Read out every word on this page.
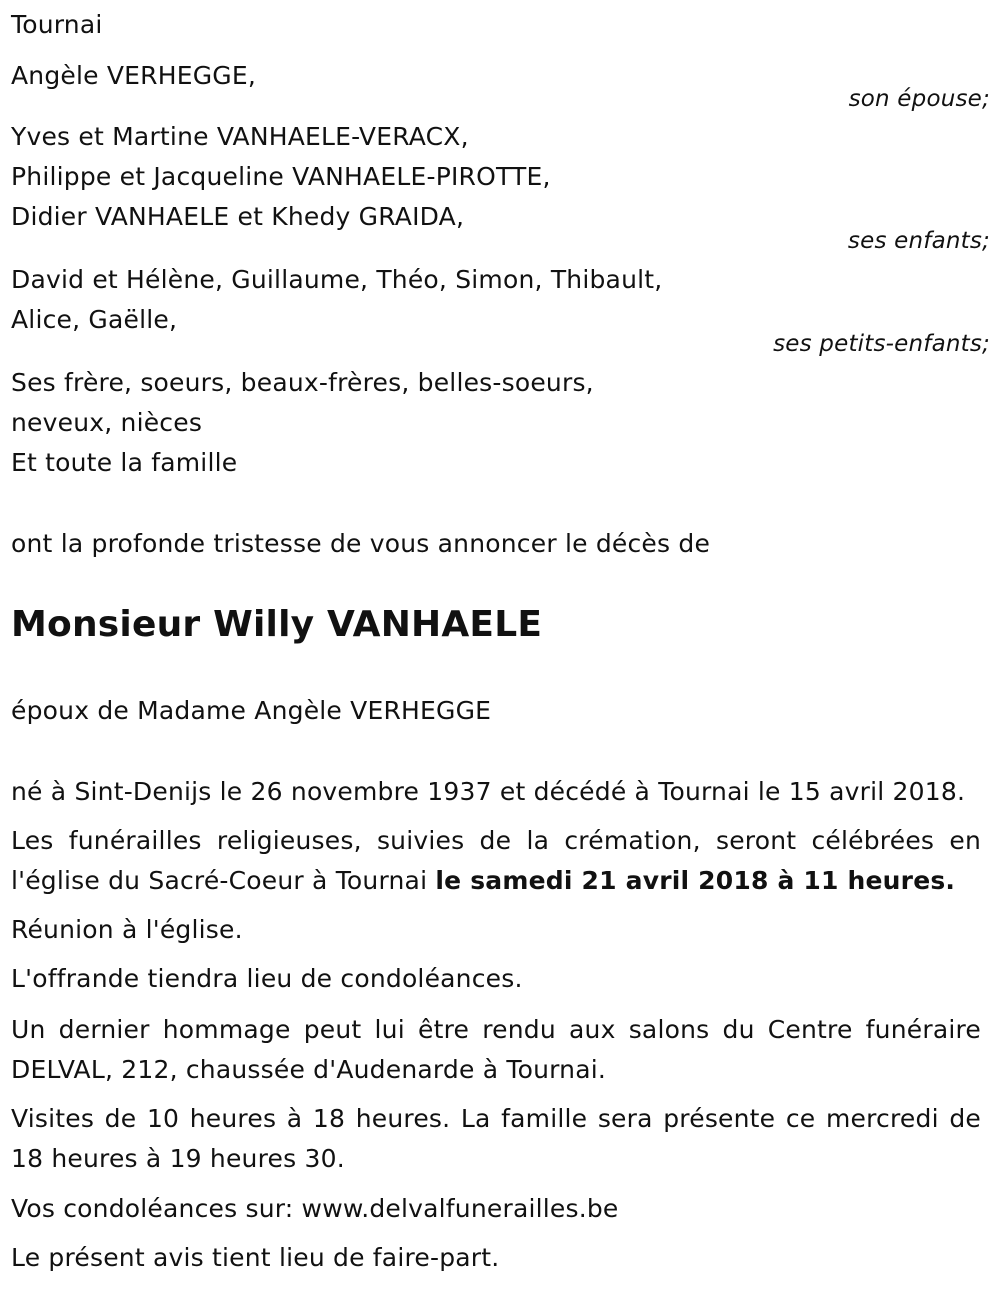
Tournai
Angèle VERHEGGE,
son épouse;
Yves et Martine VANHAELE-VERACX,
Philippe et Jacqueline VANHAELE-PIROTTE,
Didier VANHAELE et Khedy GRAIDA,
ses enfants;
David et Hélène, Guillaume, Théo, Simon, Thibault,
Alice, Gaëlle,
ses petits-enfants;
Ses frère, soeurs, beaux-frères, belles-soeurs,
neveux, nièces
Et toute la famille
ont la profonde tristesse de vous annoncer le décès de
Monsieur Willy VANHAELE
époux de Madame Angèle VERHEGGE
né à Sint-Denijs le 26 novembre 1937 et décédé à Tournai le 15 avril 2018.
Les funérailles religieuses, suivies de la crémation, seront célébrées en l'église du Sacré-Coeur à Tournai le samedi 21 avril 2018 à 11 heures.
Réunion à l'église.
L'offrande tiendra lieu de condoléances.
Un dernier hommage peut lui être rendu aux salons du Centre funéraire DELVAL, 212, chaussée d'Audenarde à Tournai.
Visites de 10 heures à 18 heures. La famille sera présente ce mercredi de 18 heures à 19 heures 30.
Vos condoléances sur: www.delvalfunerailles.be
Le présent avis tient lieu de faire-part.
